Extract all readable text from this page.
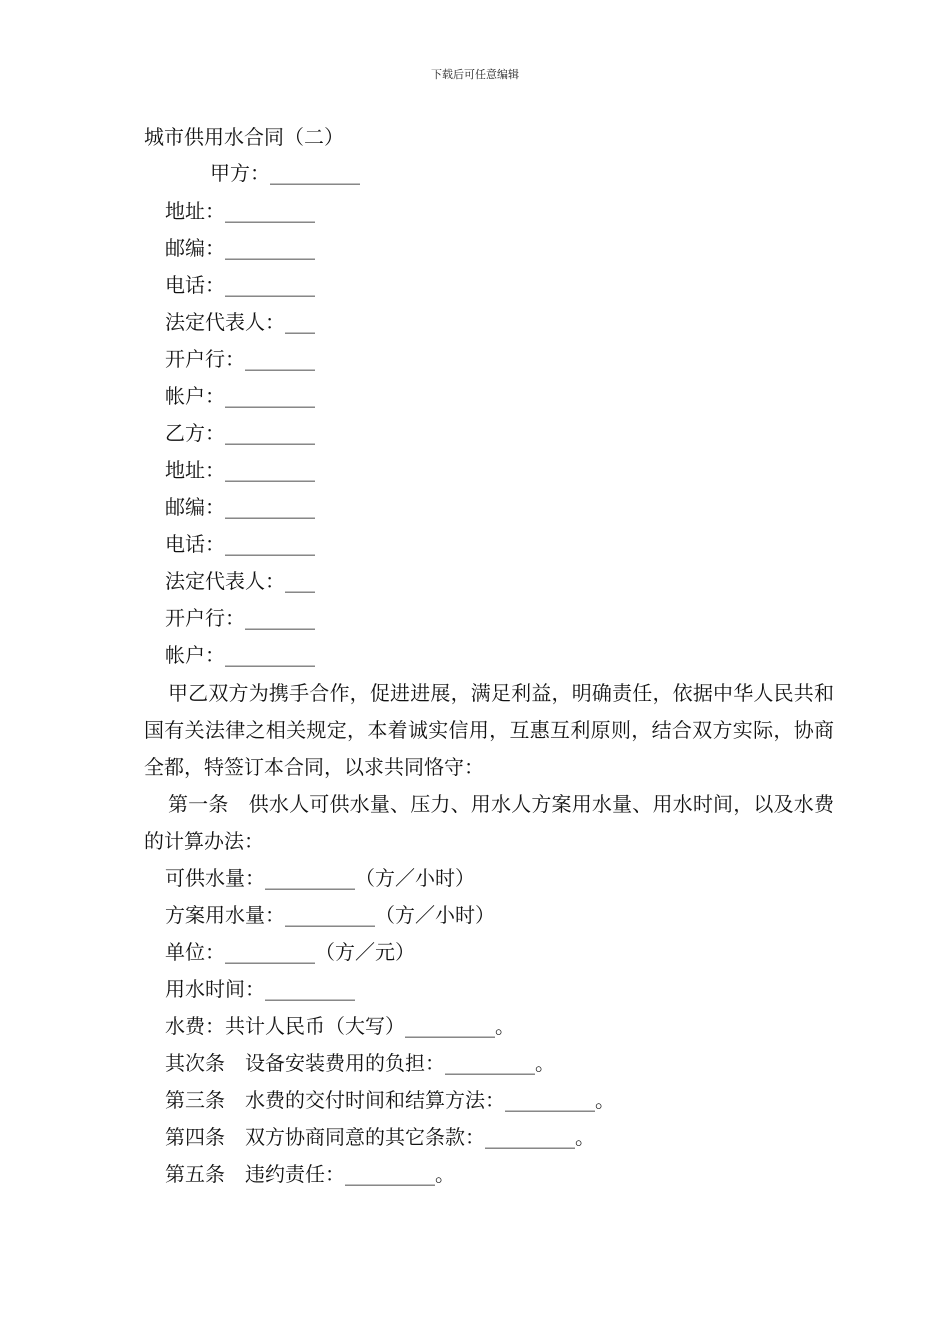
下载后可任意编辑
城市供用水合同（二）
甲方：_________
地址：_________
邮编：_________
电话：_________
法定代表人：___
开户行：_______
帐户：_________
乙方：_________
地址：_________
邮编：_________
电话：_________
法定代表人：___
开户行：_______
帐户：_________
甲乙双方为携手合作，促进进展，满足利益，明确责任，依据中华人民共和国有关法律之相关规定，本着诚实信用，互惠互利原则，结合双方实际，协商全都，特签订本合同，以求共同恪守：
第一条　供水人可供水量、压力、用水人方案用水量、用水时间，以及水费的计算办法：
可供水量：_________（方／小时）
方案用水量：_________（方／小时）
单位：_________（方／元）
用水时间：_________
水费：共计人民币（大写）_________。
其次条　设备安装费用的负担：_________。
第三条　水费的交付时间和结算方法：_________。
第四条　双方协商同意的其它条款：_________。
第五条　违约责任：_________。
